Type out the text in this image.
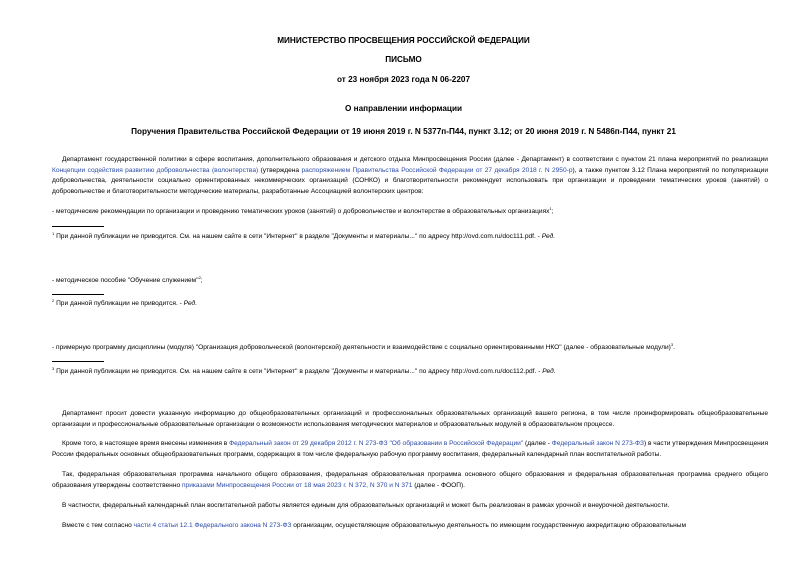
МИНИСТЕРСТВО ПРОСВЕЩЕНИЯ РОССИЙСКОЙ ФЕДЕРАЦИИ
ПИСЬМО
от 23 ноября 2023 года N 06-2207
О направлении информации
Поручения Правительства Российской Федерации от 19 июня 2019 г. N 5377п-П44, пункт 3.12; от 20 июня 2019 г. N 5486п-П44, пункт 21

Департамент государственной политики в сфере воспитания, дополнительного образования и детского отдыха Минпросвещения России (далее - Департамент) в соответствии с пунктом 21 плана мероприятий по реализации Концепции содействия развитию добровольчества (волонтерства) (утверждена распоряжением Правительства Российской Федерации от 27 декабря 2018 г. N 2950-р), а также пунктом 3.12 Плана мероприятий по популяризации добровольчества, деятельности социально ориентированных некоммерческих организаций (СОНКО) и благотворительности рекомендует использовать при организации и проведении тематических уроков (занятий) о добровольчестве и благотворительности методические материалы, разработанные Ассоциацией волонтерских центров:

- методические рекомендации по организации и проведению тематических уроков (занятий) о добровольчестве и волонтерстве в образовательных организациях$^1$;
$^1$ При данной публикации не приводится. См. на нашем сайте в сети "Интернет" в разделе "Документы и материалы..." по адресу http://ovd.com.ru/doc111.pdf. - Ред.
- методическое пособие "Обучение служением"$^2$;
$^2$ При данной публикации не приводится. - Ред.
- примерную программу дисциплины (модуля) "Организация добровольческой (волонтерской) деятельности и взаимодействие с социально ориентированными НКО" (далее - образовательные модули)$^3$.
$^3$ При данной публикации не приводится. См. на нашем сайте в сети "Интернет" в разделе "Документы и материалы..." по адресу http://ovd.com.ru/doc112.pdf. - Ред.

Департамент просит довести указанную информацию до общеобразовательных организаций и профессиональных образовательных организаций вашего региона, в том числе проинформировать общеобразовательные организации и профессиональные образовательные организации о возможности использования методических материалов и образовательных модулей в образовательном процессе.

Кроме того, в настоящее время внесены изменения в Федеральный закон от 29 декабря 2012 г. N 273-ФЗ "Об образовании в Российской Федерации" (далее - Федеральный закон N 273-ФЗ) в части утверждения Минпросвещения России федеральных основных общеобразовательных программ, содержащих в том числе федеральную рабочую программу воспитания, федеральный календарный план воспитательной работы.

Так, федеральная образовательная программа начального общего образования, федеральная образовательная программа основного общего образования и федеральная образовательная программа среднего общего образования утверждены соответственно приказами Минпросвещения России от 18 мая 2023 г. N 372, N 370 и N 371 (далее - ФООП).

В частности, федеральный календарный план воспитательной работы является единым для образовательных организаций и может быть реализован в рамках урочной и внеурочной деятельности.

Вместе с тем согласно части 4 статьи 12.1 Федерального закона N 273-ФЗ организации, осуществляющие образовательную деятельность по имеющим государственную аккредитацию образовательным
